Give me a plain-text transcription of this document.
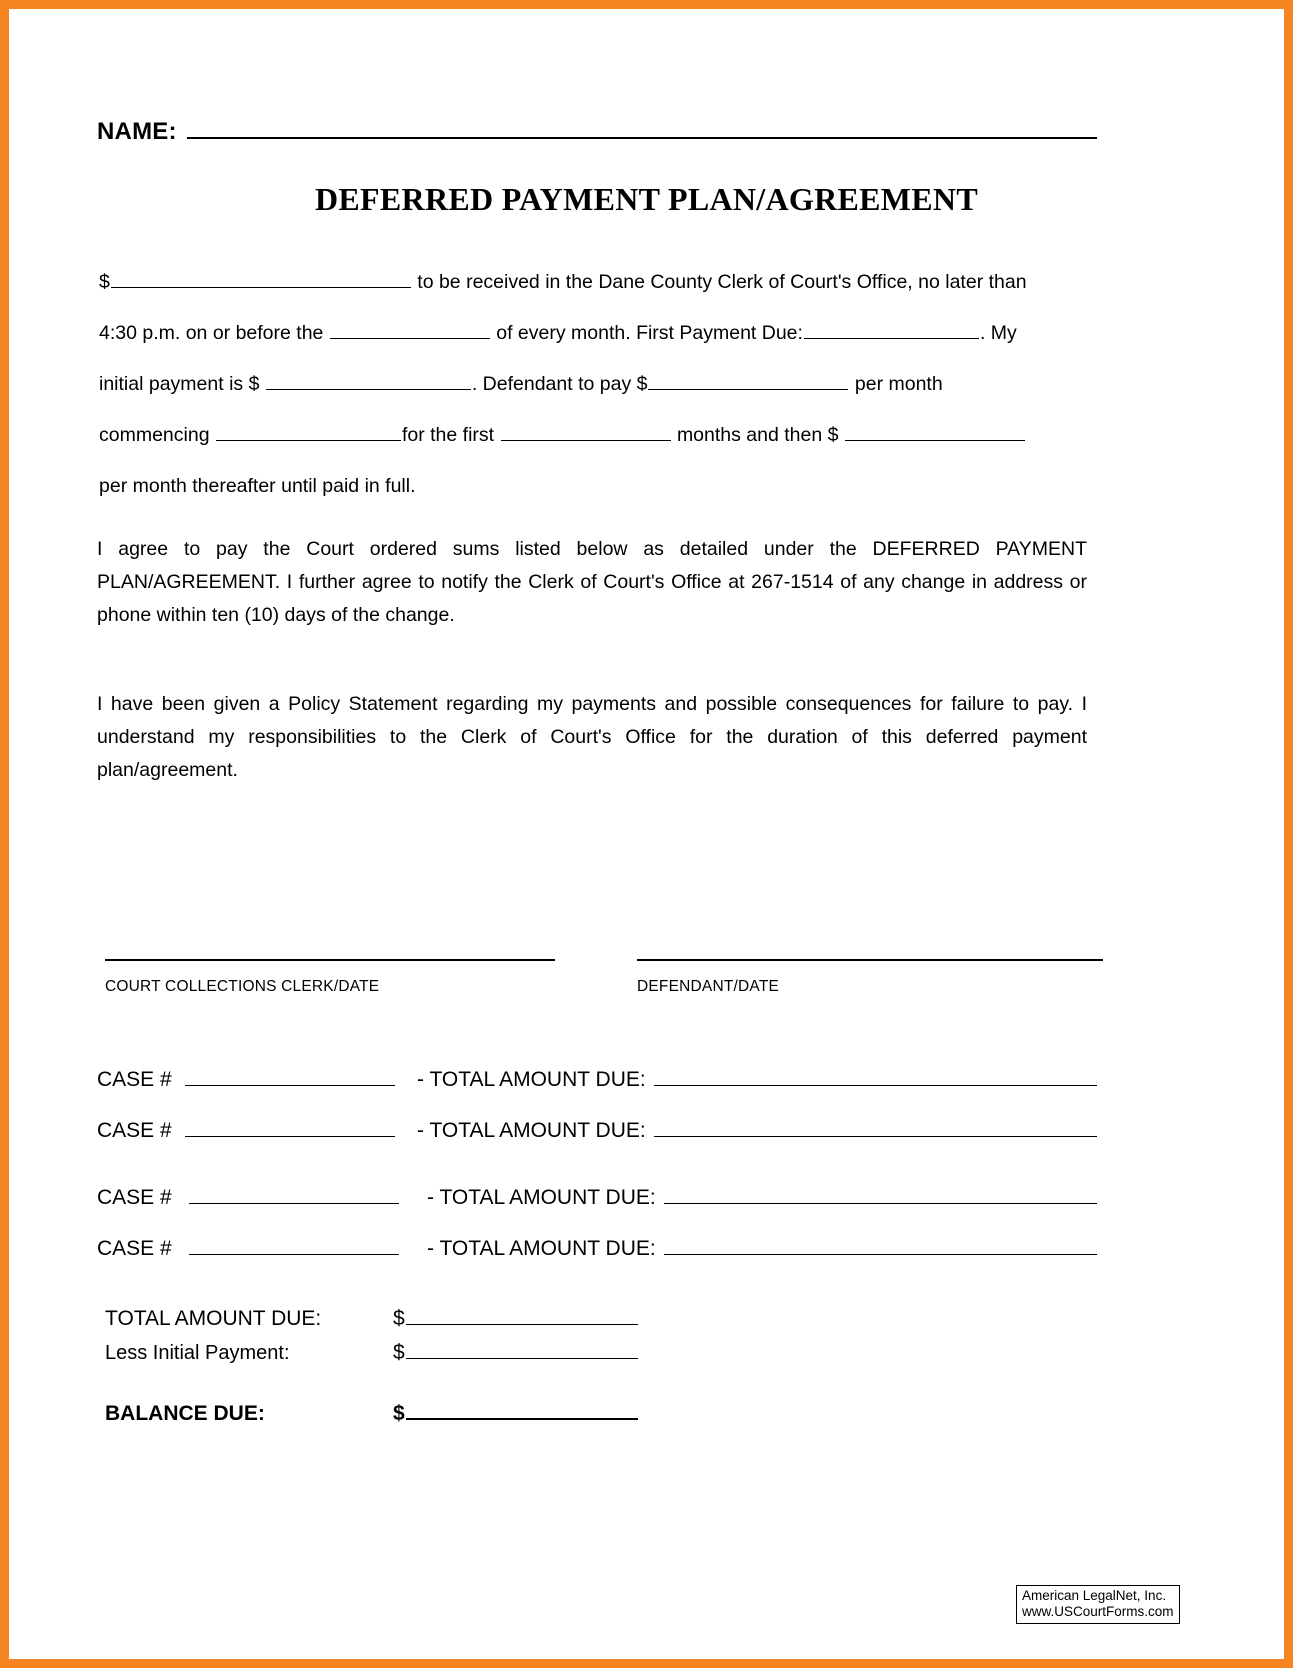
NAME:
DEFERRED PAYMENT PLAN/AGREEMENT
$	to be received in the Dane County Clerk of Court's Office, no later than
4:30 p.m. on or before the	of every month. First Payment Due:	. My
initial payment is $	. Defendant to pay $	per month
commencing	for the first	months and then $
per month thereafter until paid in full.
I agree to pay the Court ordered sums listed below as detailed under the DEFERRED PAYMENT PLAN/AGREEMENT. I further agree to notify the Clerk of Court's Office at 267-1514 of any change in address or phone within ten (10) days of the change.
I have been given a Policy Statement regarding my payments and possible consequences for failure to pay. I understand my responsibilities to the Clerk of Court's Office for the duration of this deferred payment plan/agreement.
COURT COLLECTIONS CLERK/DATE	DEFENDANT/DATE
CASE #	- TOTAL AMOUNT DUE:
CASE #	- TOTAL AMOUNT DUE:
CASE #	- TOTAL AMOUNT DUE:
CASE #	- TOTAL AMOUNT DUE:
TOTAL AMOUNT DUE:	$
Less Initial Payment:	$
BALANCE DUE:	$
American LegalNet, Inc.
www.USCourtForms.com
